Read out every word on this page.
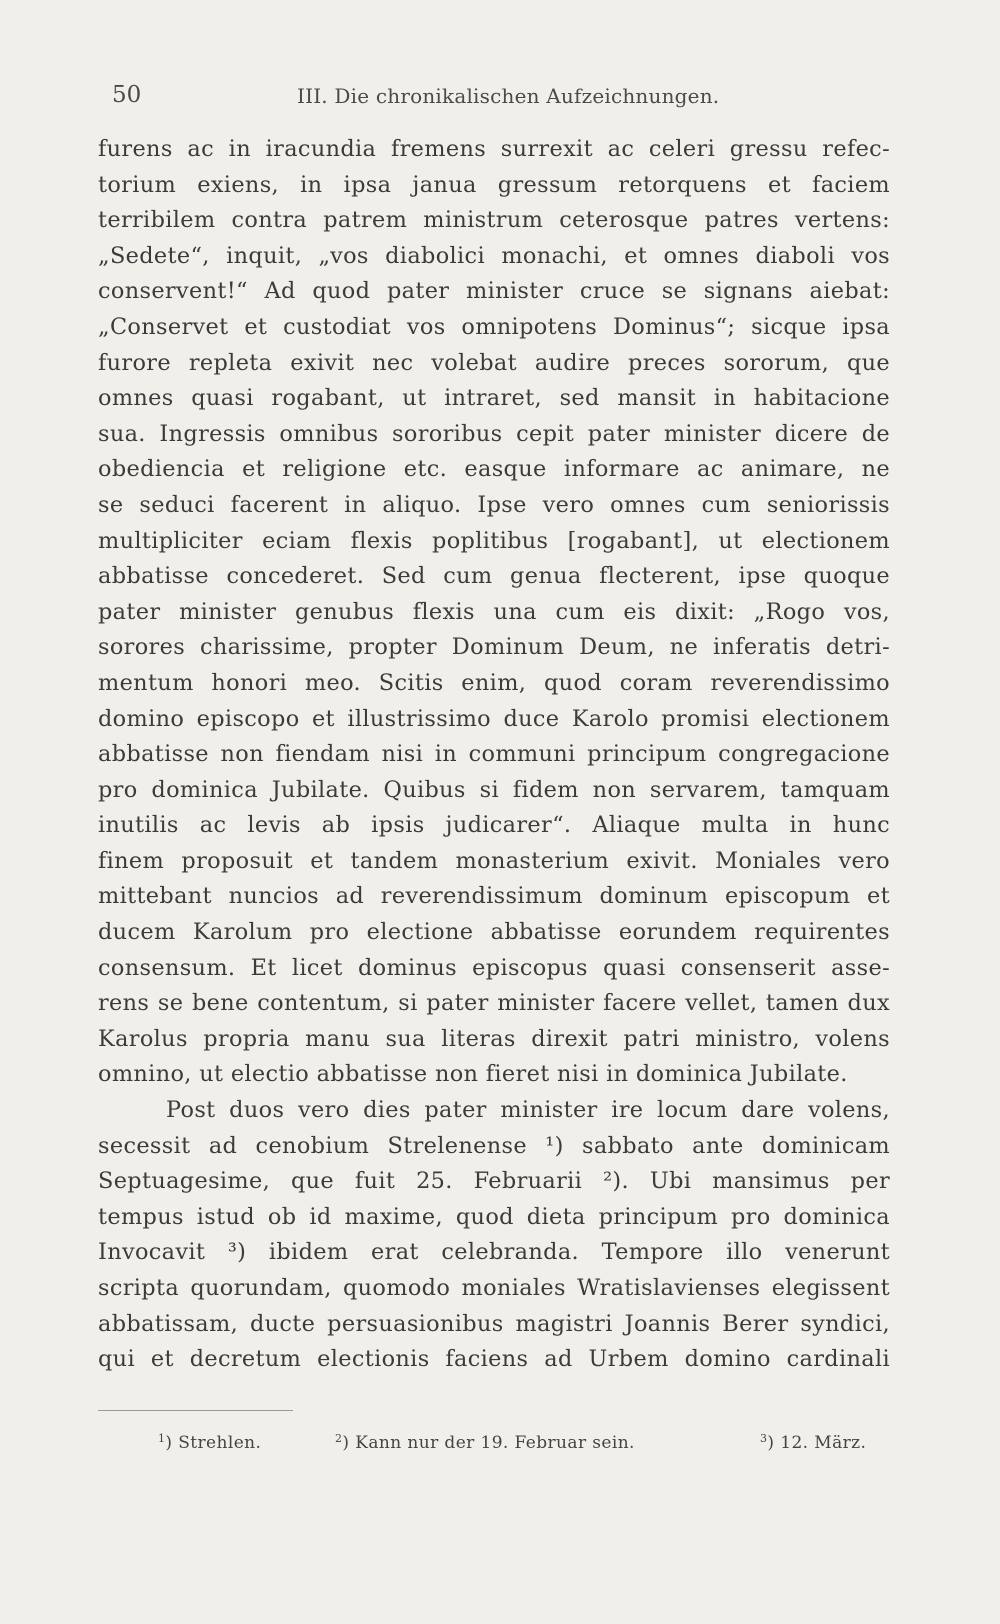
50	III. Die chronikalischen Aufzeichnungen.
furens ac in iracundia fremens surrexit ac celeri gressu refec-
torium exiens, in ipsa janua gressum retorquens et faciem
terribilem contra patrem ministrum ceterosque patres vertens:
„Sedete“, inquit, „vos diabolici monachi, et omnes diaboli vos
conservent!“ Ad quod pater minister cruce se signans aiebat:
„Conservet et custodiat vos omnipotens Dominus“; sicque ipsa
furore repleta exivit nec volebat audire preces sororum, que
omnes quasi rogabant, ut intraret, sed mansit in habitacione
sua. Ingressis omnibus sororibus cepit pater minister dicere de
obediencia et religione etc. easque informare ac animare, ne
se seduci facerent in aliquo. Ipse vero omnes cum seniorissis
multipliciter eciam flexis poplitibus [rogabant], ut electionem
abbatisse concederet. Sed cum genua flecterent, ipse quoque
pater minister genubus flexis una cum eis dixit: „Rogo vos,
sorores charissime, propter Dominum Deum, ne inferatis detri-
mentum honori meo. Scitis enim, quod coram reverendissimo
domino episcopo et illustrissimo duce Karolo promisi electionem
abbatisse non fiendam nisi in communi principum congregacione
pro dominica Jubilate. Quibus si fidem non servarem, tamquam
inutilis ac levis ab ipsis judicarer“. Aliaque multa in hunc
finem proposuit et tandem monasterium exivit. Moniales vero
mittebant nuncios ad reverendissimum dominum episcopum et
ducem Karolum pro electione abbatisse eorundem requirentes
consensum. Et licet dominus episcopus quasi consenserit asse-
rens se bene contentum, si pater minister facere vellet, tamen dux
Karolus propria manu sua literas direxit patri ministro, volens
omnino, ut electio abbatisse non fieret nisi in dominica Jubilate.
Post duos vero dies pater minister ire locum dare volens,
secessit ad cenobium Strelenense ¹) sabbato ante dominicam
Septuagesime, que fuit 25. Februarii ²). Ubi mansimus per
tempus istud ob id maxime, quod dieta principum pro dominica
Invocavit ³) ibidem erat celebranda. Tempore illo venerunt
scripta quorundam, quomodo moniales Wratislavienses elegissent
abbatissam, ducte persuasionibus magistri Joannis Berer syndici,
qui et decretum electionis faciens ad Urbem domino cardinali
$^1$) Strehlen.	$^2$) Kann nur der 19. Februar sein.	$^3$) 12. März.
